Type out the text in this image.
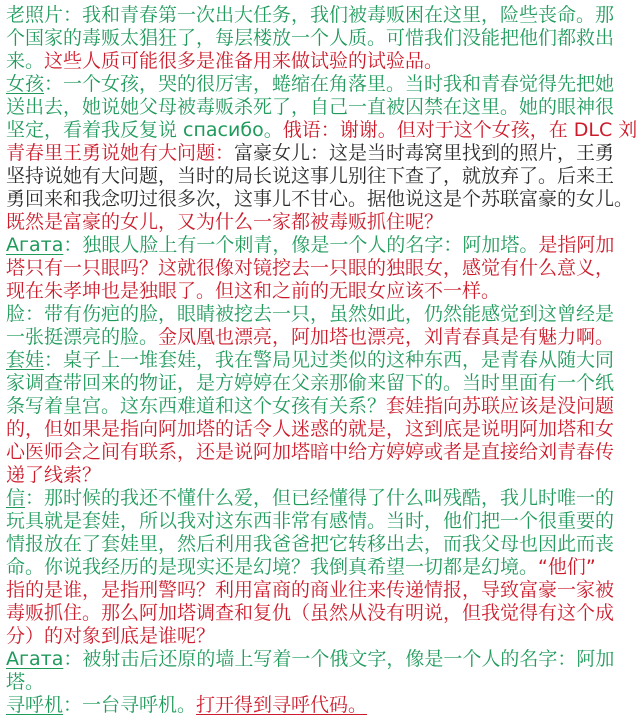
老照片：我和青春第一次出大任务，我们被毒贩困在这里，险些丧命。那
个国家的毒贩太猖狂了，每层楼放一个人质。可惜我们没能把他们都救出
来。这些人质可能很多是准备用来做试验的试验品。
女孩：一个女孩，哭的很厉害，蜷缩在角落里。当时我和青春觉得先把她
送出去，她说她父母被毒贩杀死了，自己一直被囚禁在这里。她的眼神很
坚定，看着我反复说 спасибо。俄语：谢谢。但对于这个女孩，在 DLC 刘
青春里王勇说她有大问题：富豪女儿：这是当时毒窝里找到的照片，王勇
坚持说她有大问题，当时的局长说这事儿别往下查了，就放弃了。后来王
勇回来和我念叨过很多次，这事儿不甘心。据他说这是个苏联富豪的女儿。
既然是富豪的女儿，又为什么一家都被毒贩抓住呢？
Агата：独眼人脸上有一个刺青，像是一个人的名字：阿加塔。是指阿加
塔只有一只眼吗？这就很像对镜挖去一只眼的独眼女，感觉有什么意义，
现在朱孝坤也是独眼了。但这和之前的无眼女应该不一样。
脸：带有伤疤的脸，眼睛被挖去一只，虽然如此，仍然能感觉到这曾经是
一张挺漂亮的脸。金凤凰也漂亮，阿加塔也漂亮，刘青春真是有魅力啊。
套娃：桌子上一堆套娃，我在警局见过类似的这种东西，是青春从随大同
家调查带回来的物证，是方婷婷在父亲那偷来留下的。当时里面有一个纸
条写着皇宫。这东西难道和这个女孩有关系？套娃指向苏联应该是没问题
的，但如果是指向阿加塔的话令人迷惑的就是，这到底是说明阿加塔和女
心医师会之间有联系，还是说阿加塔暗中给方婷婷或者是直接给刘青春传
递了线索？
信：那时候的我还不懂什么爱，但已经懂得了什么叫残酷，我儿时唯一的
玩具就是套娃，所以我对这东西非常有感情。当时，他们把一个很重要的
情报放在了套娃里，然后利用我爸爸把它转移出去，而我父母也因此而丧
命。你说我经历的是现实还是幻境？我倒真希望一切都是幻境。“他们”
指的是谁，是指刑警吗？利用富商的商业往来传递情报，导致富豪一家被
毒贩抓住。那么阿加塔调查和复仇（虽然从没有明说，但我觉得有这个成
分）的对象到底是谁呢？
Агата：被射击后还原的墙上写着一个俄文字，像是一个人的名字：阿加
塔。
寻呼机：一台寻呼机。打开得到寻呼代码。
